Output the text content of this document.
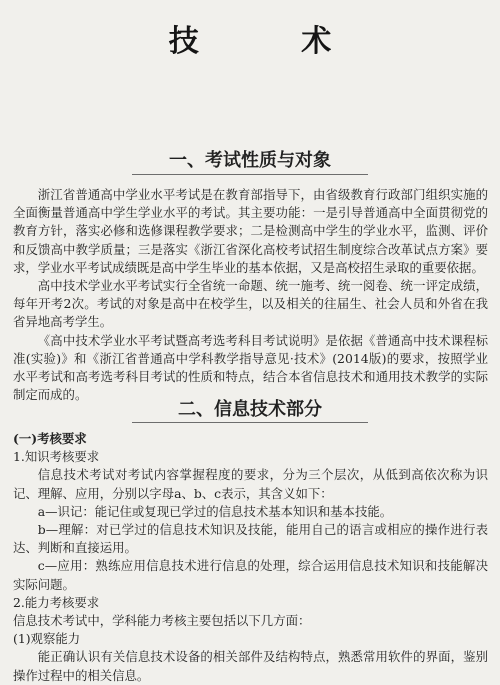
技 术
一、考试性质与对象

浙江省普通高中学业水平考试是在教育部指导下，由省级教育行政部门组织实施的全面衡量普通高中学生学业水平的考试。其主要功能：一是引导普通高中全面贯彻党的教育方针，落实必修和选修课程教学要求；二是检测高中学生的学业水平，监测、评价和反馈高中教学质量；三是落实《浙江省深化高校考试招生制度综合改革试点方案》要求，学业水平考试成绩既是高中学生毕业的基本依据，又是高校招生录取的重要依据。

高中技术学业水平考试实行全省统一命题、统一施考、统一阅卷、统一评定成绩，每年开考2次。考试的对象是高中在校学生，以及相关的往届生、社会人员和外省在我省异地高考学生。

《高中技术学业水平考试暨高考选考科目考试说明》是依据《普通高中技术课程标准(实验)》和《浙江省普通高中学科教学指导意见·技术》(2014版)的要求，按照学业水平考试和高考选考科目考试的性质和特点，结合本省信息技术和通用技术教学的实际制定而成的。

二、信息技术部分

(一)考核要求

1.知识考核要求

信息技术考试对考试内容掌握程度的要求，分为三个层次，从低到高依次称为识记、理解、应用，分别以字母a、b、c表示，其含义如下：

a—识记：能记住或复现已学过的信息技术基本知识和基本技能。

b—理解：对已学过的信息技术知识及技能，能用自己的语言或相应的操作进行表达、判断和直接运用。

c—应用：熟练应用信息技术进行信息的处理，综合运用信息技术知识和技能解决实际问题。

2.能力考核要求

信息技术考试中，学科能力考核主要包括以下几方面：

(1)观察能力

能正确认识有关信息技术设备的相关部件及结构特点，熟悉常用软件的界面，鉴别操作过程中的相关信息。
